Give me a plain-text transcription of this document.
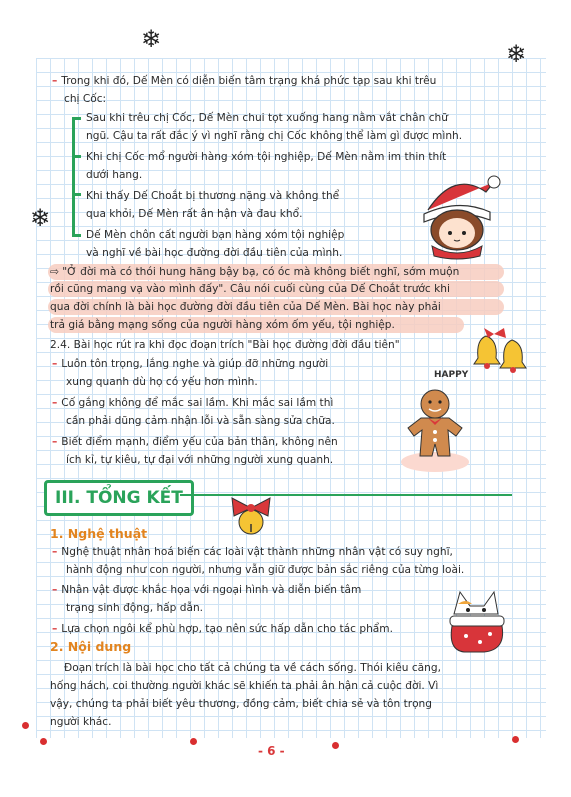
❄
❄
❄
– Trong khi đó, Dế Mèn có diễn biến tâm trạng khá phức tạp sau khi trêu
chị Cốc:
Sau khi trêu chị Cốc, Dế Mèn chui tọt xuống hang nằm vắt chân chữ
ngũ. Cậu ta rất đắc ý vì nghĩ rằng chị Cốc không thể làm gì được mình.
Khi chị Cốc mổ người hàng xóm tội nghiệp, Dế Mèn nằm im thin thít
dưới hang.
Khi thấy Dế Choắt bị thương nặng và không thể
qua khỏi, Dế Mèn rất ân hận và đau khổ.
Dế Mèn chôn cất người bạn hàng xóm tội nghiệp
và nghĩ về bài học đường đời đầu tiên của mình.
⇨ "Ở đời mà có thói hung hăng bậy bạ, có óc mà không biết nghĩ, sớm muộn
rồi cũng mang vạ vào mình đấy". Câu nói cuối cùng của Dế Choắt trước khi
qua đời chính là bài học đường đời đầu tiên của Dế Mèn. Bài học này phải
trả giá bằng mạng sống của người hàng xóm ốm yếu, tội nghiệp.
2.4. Bài học rút ra khi đọc đoạn trích "Bài học đường đời đầu tiên"
– Luôn tôn trọng, lắng nghe và giúp đỡ những người
xung quanh dù họ có yếu hơn mình.
– Cố gắng không để mắc sai lầm. Khi mắc sai lầm thì
cần phải dũng cảm nhận lỗi và sẵn sàng sửa chữa.
– Biết điểm mạnh, điểm yếu của bản thân, không nên
ích kỉ, tự kiêu, tự đại với những người xung quanh.
HAPPY
III. TỔNG KẾT
1. Nghệ thuật
– Nghệ thuật nhân hoá biến các loài vật thành những nhân vật có suy nghĩ,
hành động như con người, nhưng vẫn giữ được bản sắc riêng của từng loài.
– Nhân vật được khắc họa với ngoại hình và diễn biến tâm
trạng sinh động, hấp dẫn.
– Lựa chọn ngôi kể phù hợp, tạo nên sức hấp dẫn cho tác phẩm.
2. Nội dung
Đoạn trích là bài học cho tất cả chúng ta về cách sống. Thói kiêu căng,
hống hách, coi thường người khác sẽ khiến ta phải ân hận cả cuộc đời. Vì
vậy, chúng ta phải biết yêu thương, đồng cảm, biết chia sẻ và tôn trọng
người khác.
- 6 -
